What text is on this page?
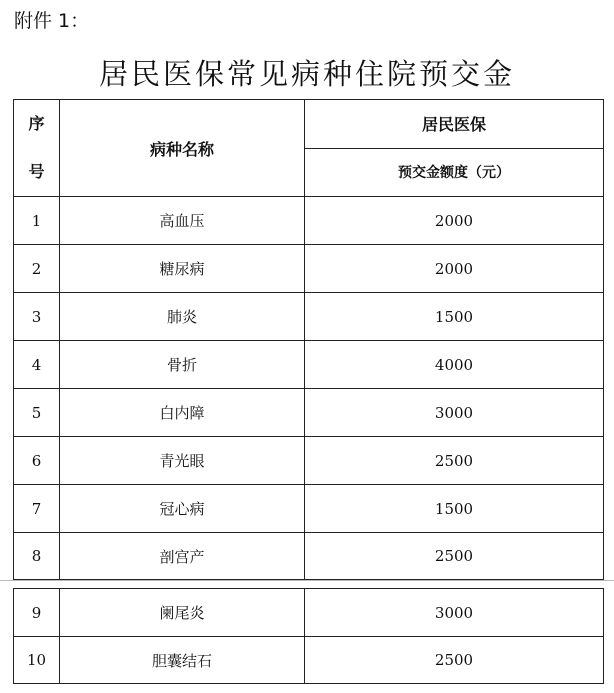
附件 1：
居民医保常见病种住院预交金
序
号	病种名称	居民医保
		预交金额度（元）
1	高血压	2000
2	糖尿病	2000
3	肺炎	1500
4	骨折	4000
5	白内障	3000
6	青光眼	2500
7	冠心病	1500
8	剖宫产	2500
9	阑尾炎	3000
10	胆囊结石	2500
